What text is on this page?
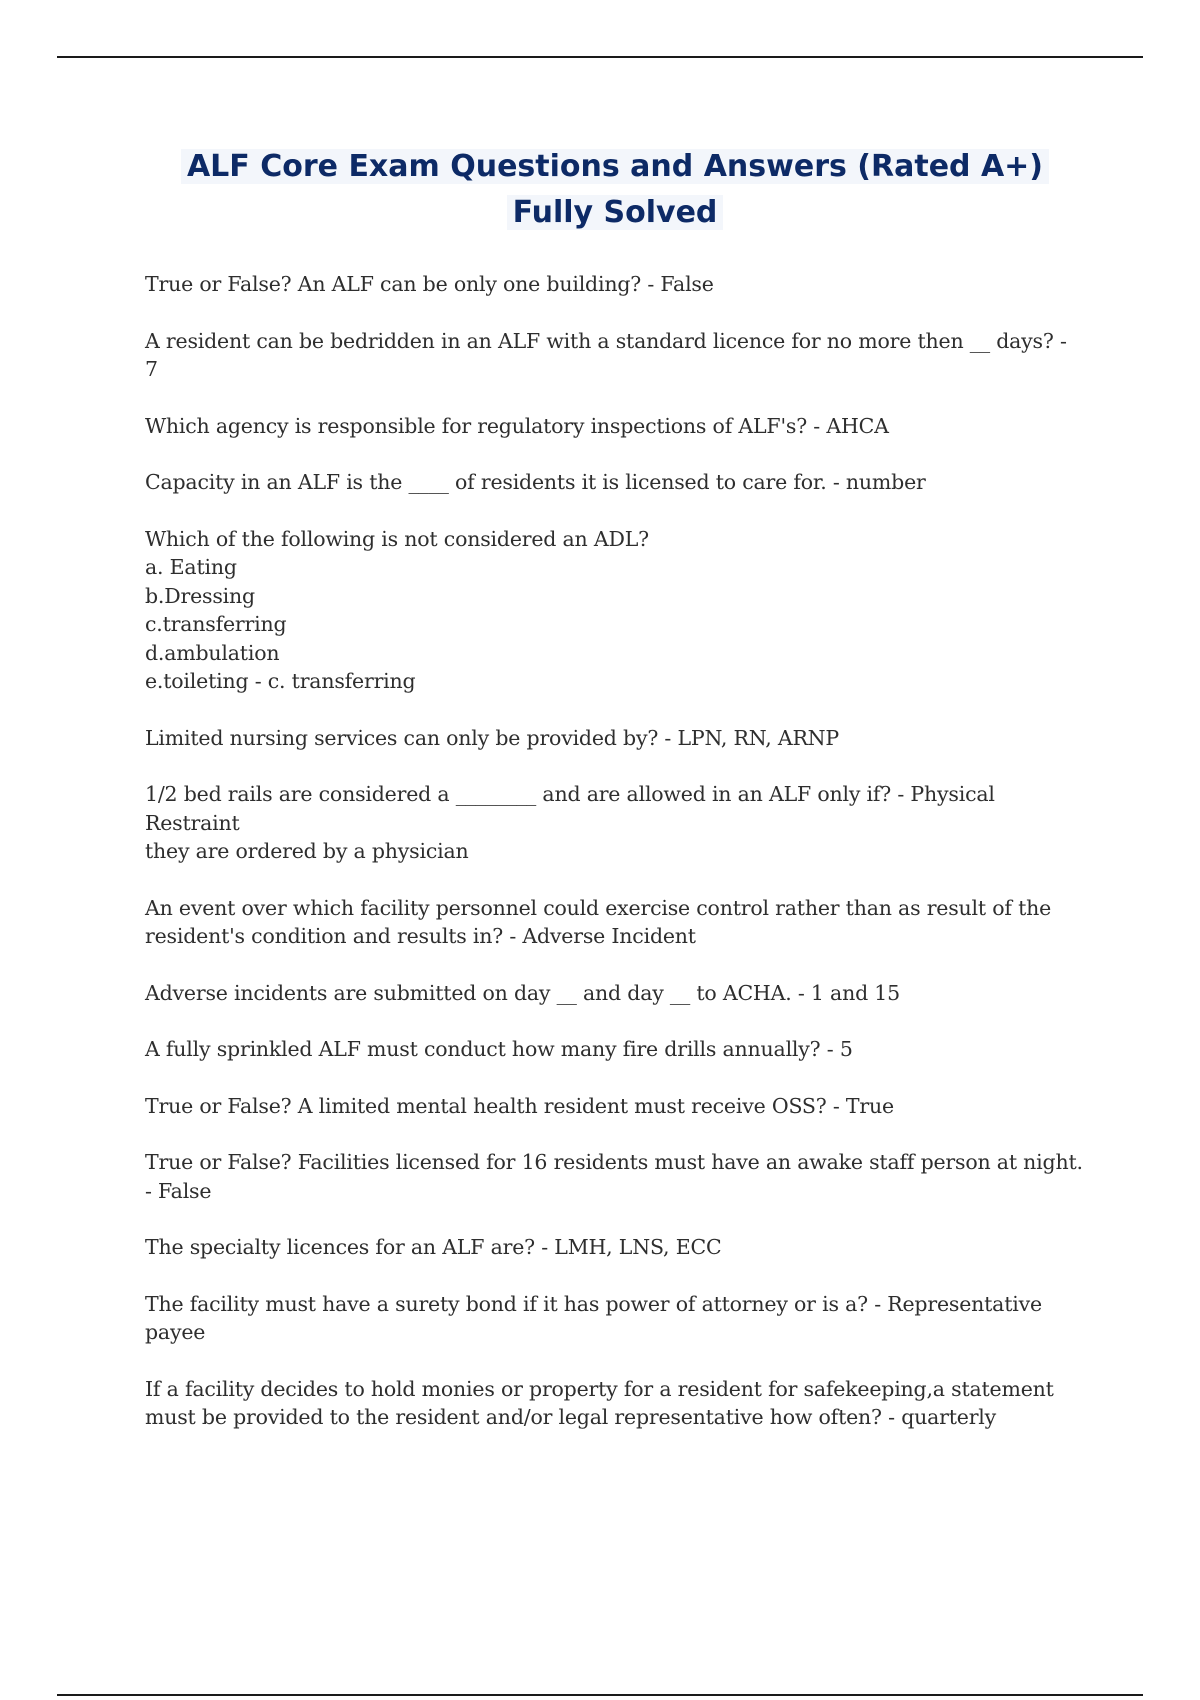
ALF Core Exam Questions and Answers (Rated A+)
Fully Solved

True or False? An ALF can be only one building? - False

A resident can be bedridden in an ALF with a standard licence for no more then __ days? - 7

Which agency is responsible for regulatory inspections of ALF's? - AHCA

Capacity in an ALF is the ____ of residents it is licensed to care for. - number

Which of the following is not considered an ADL?
a. Eating
b.Dressing
c.transferring
d.ambulation
e.toileting - c. transferring

Limited nursing services can only be provided by? - LPN, RN, ARNP

1/2 bed rails are considered a ________ and are allowed in an ALF only if? - Physical
Restraint
they are ordered by a physician

An event over which facility personnel could exercise control rather than as result of the
resident's condition and results in? - Adverse Incident

Adverse incidents are submitted on day __ and day __ to ACHA. - 1 and 15

A fully sprinkled ALF must conduct how many fire drills annually? - 5

True or False? A limited mental health resident must receive OSS? - True

True or False? Facilities licensed for 16 residents must have an awake staff person at night.
- False

The specialty licences for an ALF are? - LMH, LNS, ECC

The facility must have a surety bond if it has power of attorney or is a? - Representative
payee

If a facility decides to hold monies or property for a resident for safekeeping,a statement
must be provided to the resident and/or legal representative how often? - quarterly
